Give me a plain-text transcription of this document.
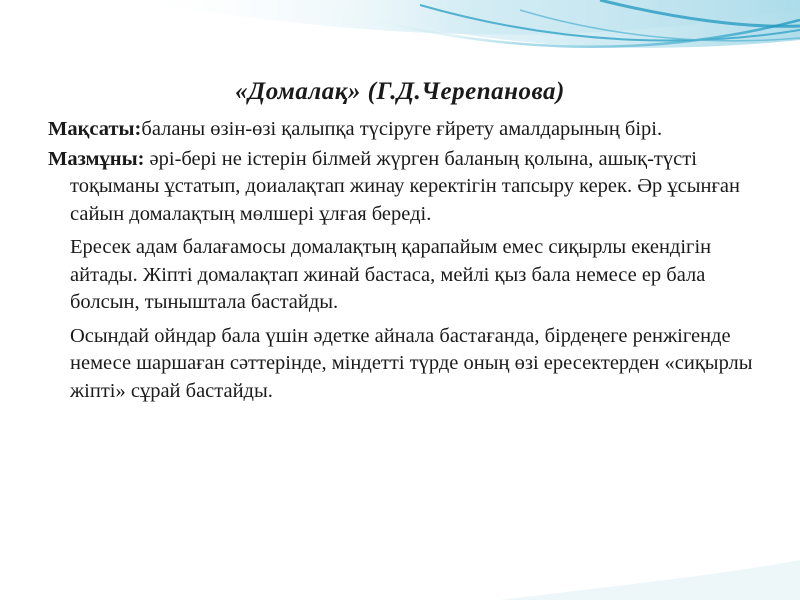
«Домалақ» (Г.Д.Черепанова)

Мақсаты:баланы өзін-өзі қалыпқа түсіруге ғйрету амалдарының бірі.

Мазмұны: әрі-бері не істерін білмей жүрген баланың қолына, ашық-түсті тоқыманы ұстатып, доиалақтап жинау керектігін тапсыру керек. Әр ұсынған сайын домалақтың мөлшері ұлғая береді.

Ересек адам балағамосы домалақтың қарапайым емес сиқырлы екендігін айтады. Жіпті домалақтап жинай бастаса, мейлі қыз бала немесе ер бала болсын, тыныштала бастайды.

Осындай ойндар бала үшін әдетке айнала бастағанда, бірдеңеге ренжігенде немесе шаршаған сәттерінде, міндетті түрде оның өзі ересектерден «сиқырлы жіпті» сұрай бастайды.
